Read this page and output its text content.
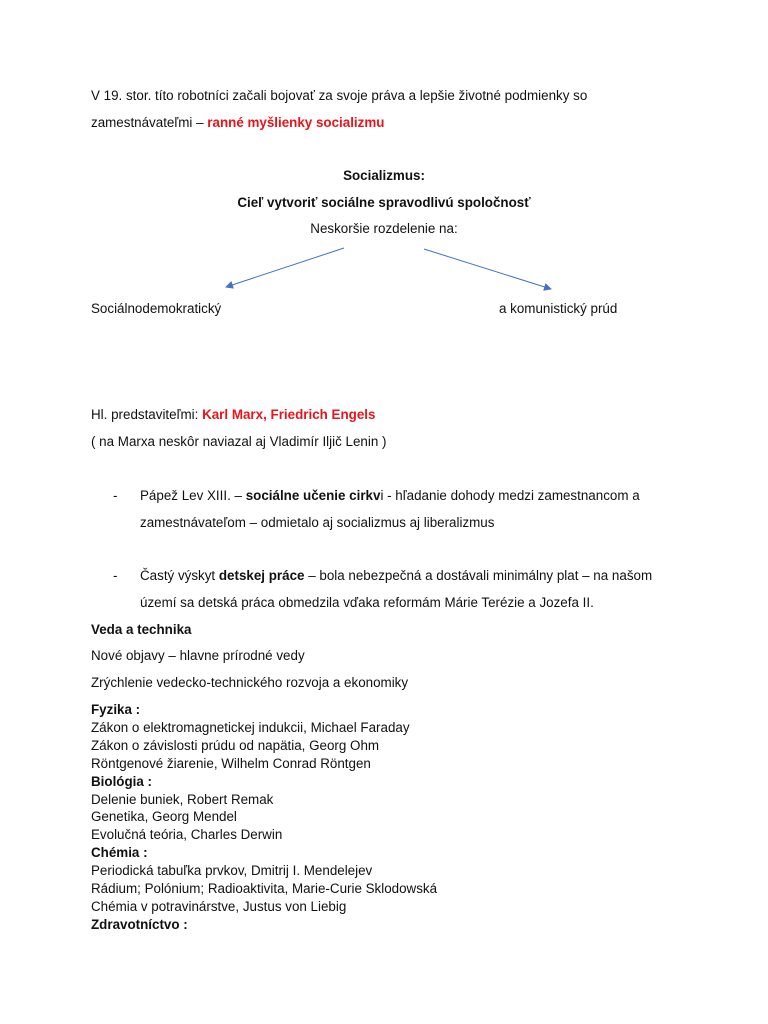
V 19. stor. títo robotníci začali bojovať za svoje práva a lepšie životné podmienky so
zamestnávateľmi – ranné myšlienky socializmu
Socializmus:
Cieľ vytvoriť sociálne spravodlivú spoločnosť
Neskoršie rozdelenie na:
Sociálnodemokratický	a komunistický prúd
Hl. predstaviteľmi: Karl Marx, Friedrich Engels
( na Marxa neskôr naviazal aj Vladimír Iljič Lenin )
- Pápež Lev XIII. – sociálne učenie cirkvi - hľadanie dohody medzi zamestnancom a
zamestnávateľom – odmietalo aj socializmus aj liberalizmus
- Častý výskyt detskej práce – bola nebezpečná a dostávali minimálny plat – na našom
území sa detská práca obmedzila vďaka reformám Márie Terézie a Jozefa II.
Veda a technika
Nové objavy – hlavne prírodné vedy
Zrýchlenie vedecko-technického rozvoja a ekonomiky
Fyzika :
Zákon o elektromagnetickej indukcii, Michael Faraday
Zákon o závislosti prúdu od napätia, Georg Ohm
Röntgenové žiarenie, Wilhelm Conrad Röntgen
Biológia :
Delenie buniek, Robert Remak
Genetika, Georg Mendel
Evolučná teória, Charles Derwin
Chémia :
Periodická tabuľka prvkov, Dmitrij I. Mendelejev
Rádium; Polónium; Radioaktivita, Marie-Curie Sklodowská
Chémia v potravinárstve, Justus von Liebig
Zdravotníctvo :
